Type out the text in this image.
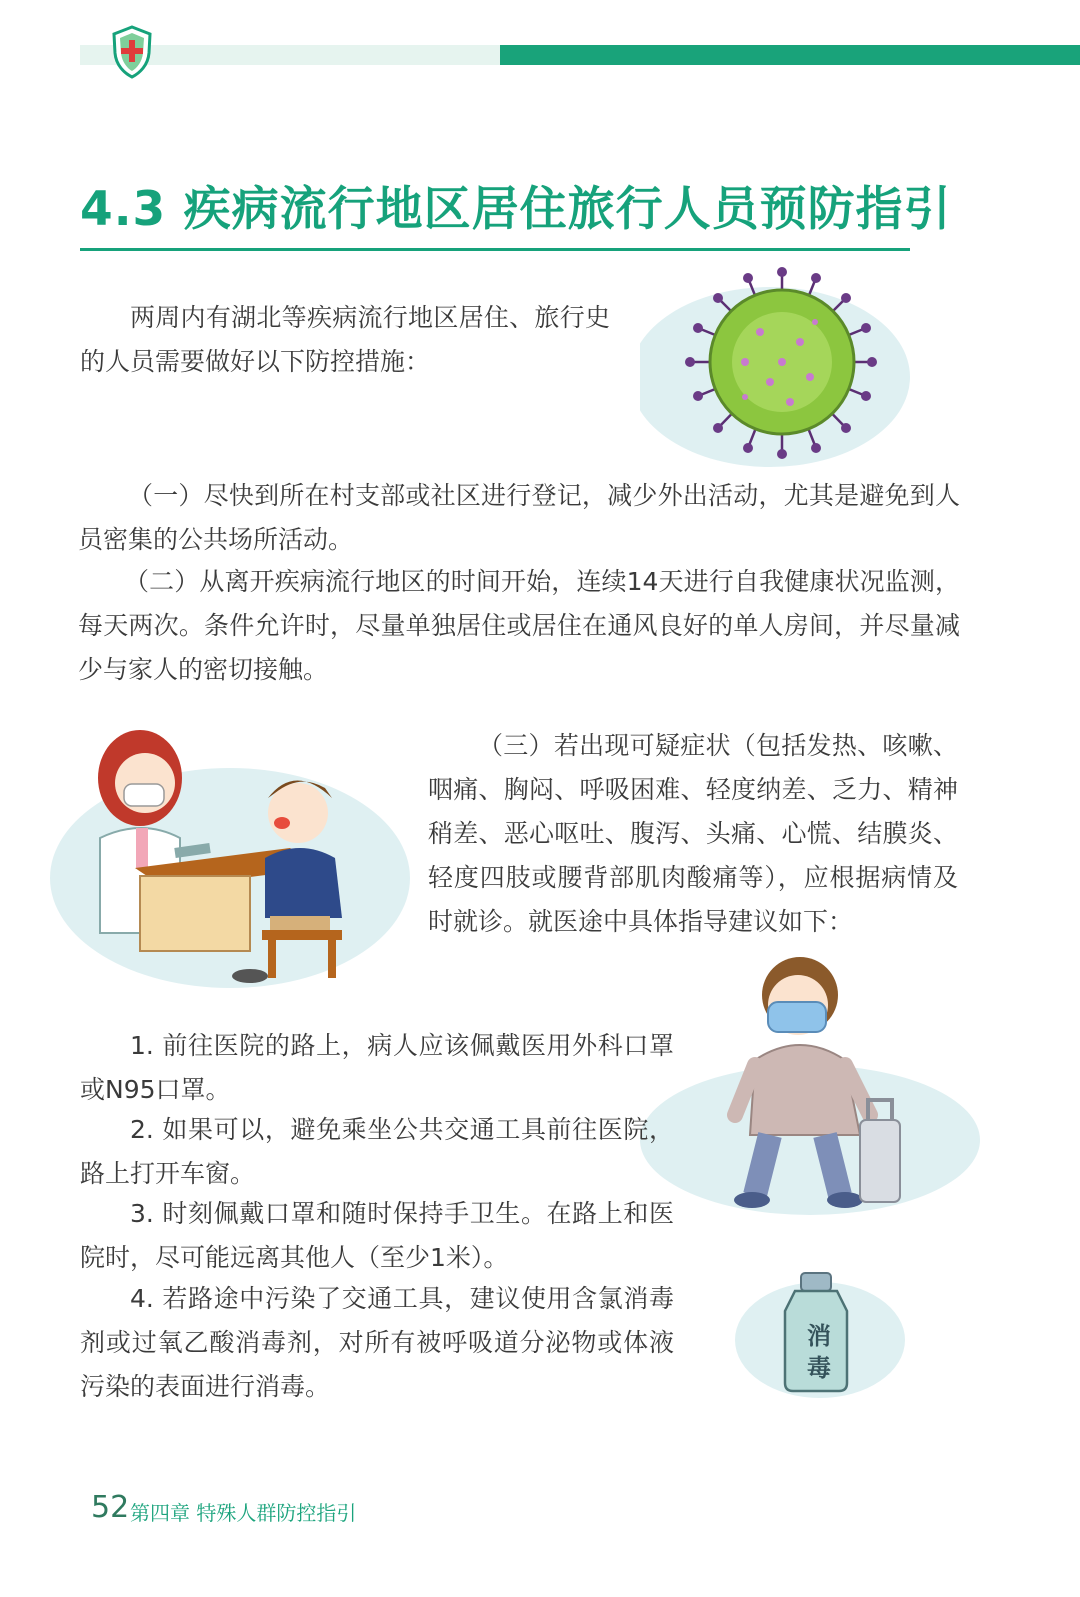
4.3 疾病流行地区居住旅行人员预防指引

两周内有湖北等疾病流行地区居住、旅行史的人员需要做好以下防控措施：

（一）尽快到所在村支部或社区进行登记，减少外出活动，尤其是避免到人员密集的公共场所活动。

（二）从离开疾病流行地区的时间开始，连续14天进行自我健康状况监测，每天两次。条件允许时，尽量单独居住或居住在通风良好的单人房间，并尽量减少与家人的密切接触。

（三）若出现可疑症状（包括发热、咳嗽、咽痛、胸闷、呼吸困难、轻度纳差、乏力、精神稍差、恶心呕吐、腹泻、头痛、心慌、结膜炎、轻度四肢或腰背部肌肉酸痛等），应根据病情及时就诊。就医途中具体指导建议如下：

1. 前往医院的路上，病人应该佩戴医用外科口罩或N95口罩。

2. 如果可以，避免乘坐公共交通工具前往医院，路上打开车窗。

3. 时刻佩戴口罩和随时保持手卫生。在路上和医院时，尽可能远离其他人（至少1米）。

4. 若路途中污染了交通工具，建议使用含氯消毒剂或过氧乙酸消毒剂，对所有被呼吸道分泌物或体液污染的表面进行消毒。

消毒
52 第四章 特殊人群防控指引
